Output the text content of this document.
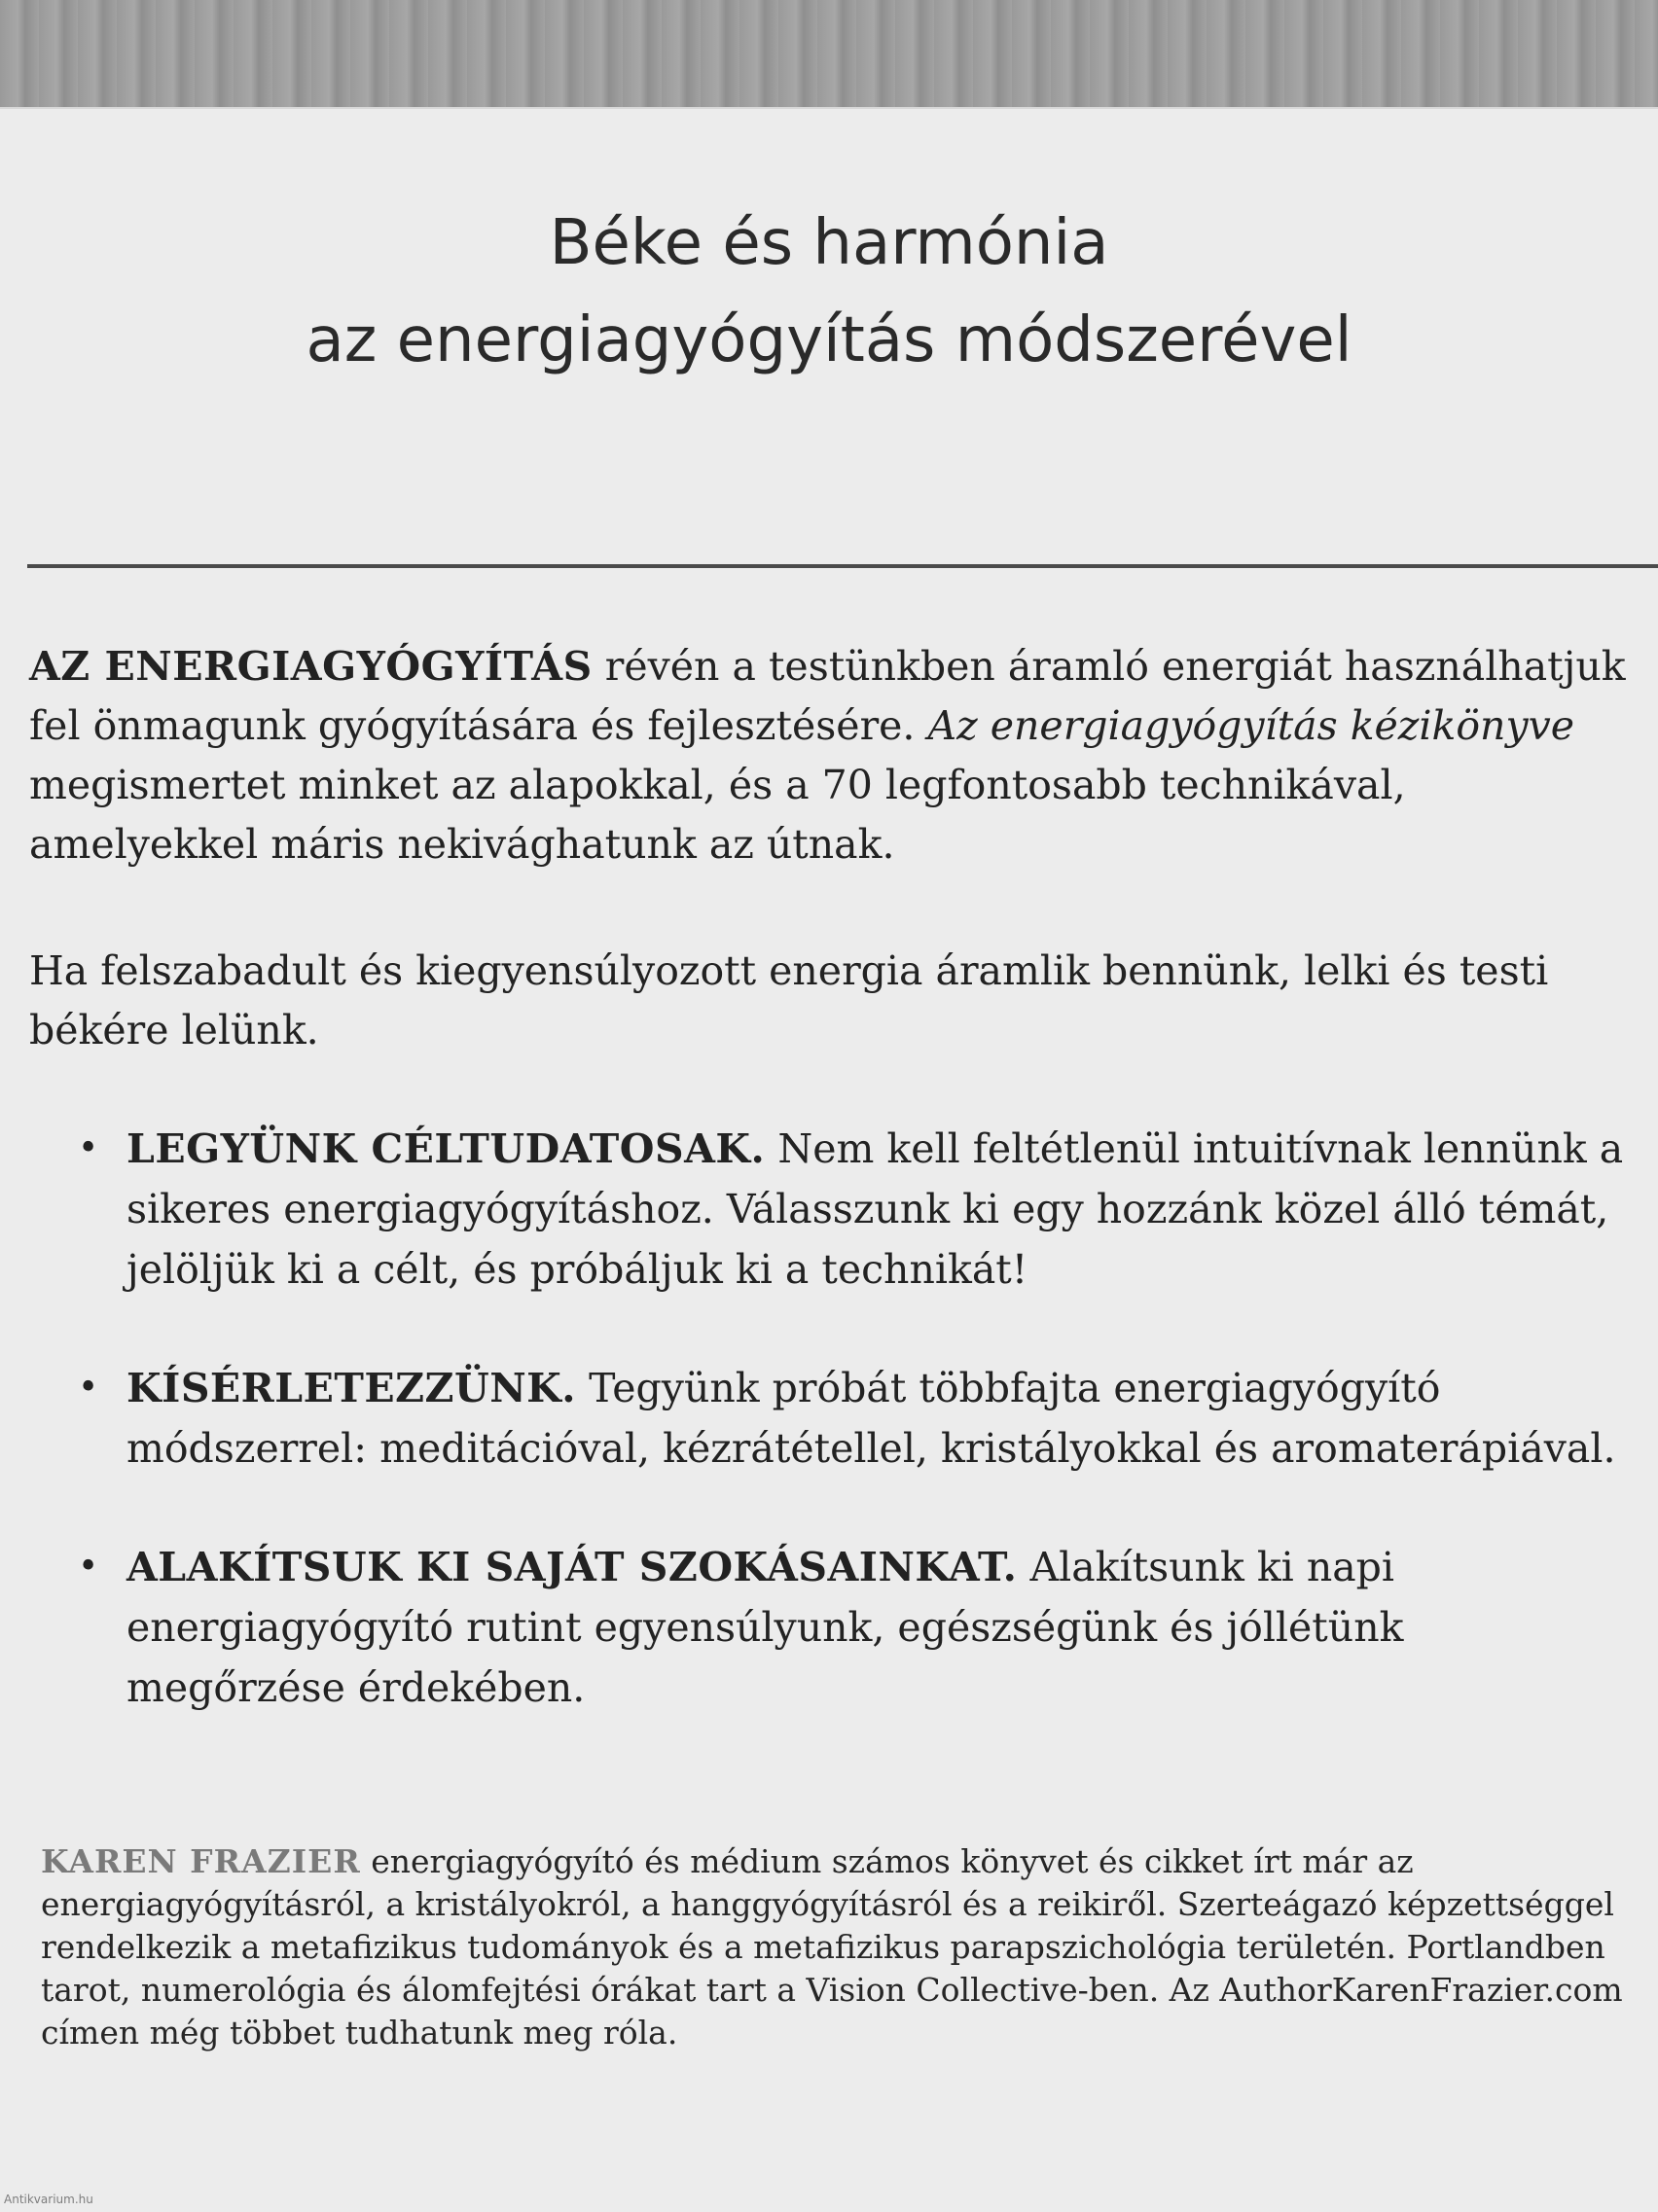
Béke és harmónia
az energiagyógyítás módszerével

AZ ENERGIAGYÓGYÍTÁS révén a testünkben áramló energiát használhatjuk fel önmagunk gyógyítására és fejlesztésére. Az energiagyógyítás kézikönyve megismertet minket az alapokkal, és a 70 legfontosabb technikával, amelyekkel máris nekivághatunk az útnak.

Ha felszabadult és kiegyensúlyozott energia áramlik bennünk, lelki és testi békére lelünk.

• LEGYÜNK CÉLTUDATOSAK. Nem kell feltétlenül intuitívnak lennünk a sikeres energiagyógyításhoz. Válasszunk ki egy hozzánk közel álló témát, jelöljük ki a célt, és próbáljuk ki a technikát!
• KÍSÉRLETEZZÜNK. Tegyünk próbát többfajta energiagyógyító módszerrel: meditációval, kézrátétellel, kristályokkal és aromaterápiával.
• ALAKÍTSUK KI SAJÁT SZOKÁSAINKAT. Alakítsunk ki napi energiagyógyító rutint egyensúlyunk, egészségünk és jóllétünk megőrzése érdekében.

KAREN FRAZIER energiagyógyító és médium számos könyvet és cikket írt már az energiagyógyításról, a kristályokról, a hanggyógyításról és a reikiről. Szerteágazó képzettséggel rendelkezik a metafizikus tudományok és a metafizikus parapszichológia területén. Portlandben tarot, numerológia és álomfejtési órákat tart a Vision Collective-ben. Az AuthorKarenFrazier.com címen még többet tudhatunk meg róla.

Antikvarium.hu
